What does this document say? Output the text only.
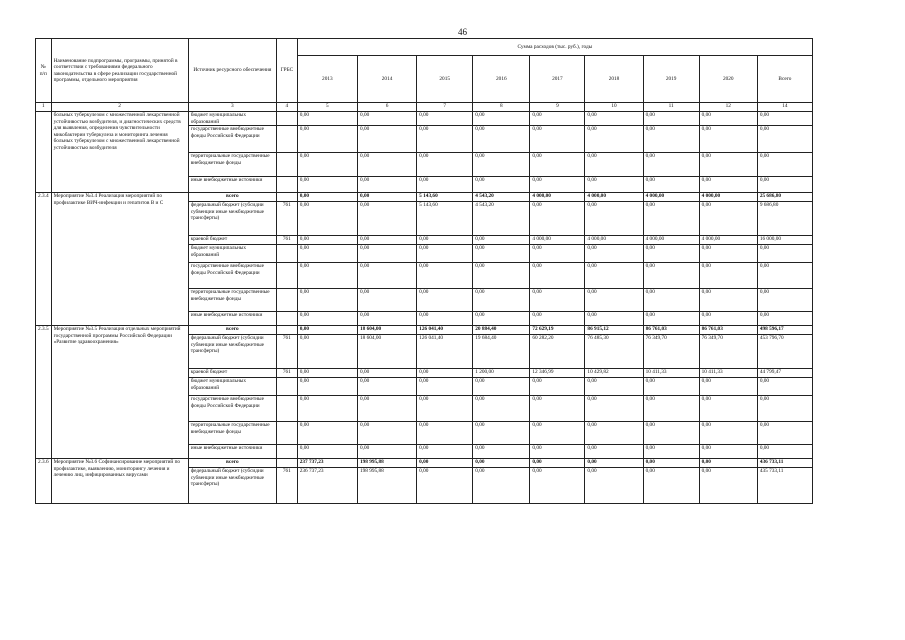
46
№ п/п	Наименование подпрограммы, программы, принятой в соответствии с требованиями федерального законодательства в сфере реализации государственной программы, отдельного мероприятия	Источник ресурсного обеспечения	ГРБС	Сумма расходов (тыс. руб.), годы								
				2013	2014	2015	2016	2017	2018	2019	2020	Всего
1	2	3	4	5	6	7	8	9	10	11	12	14
	больных туберкулезом с множественной лекарственной устойчивостью возбудителя, и диагностических средств для выявления, определения чувствительности микобактерии туберкулеза и мониторинга лечения больных туберкулезом с множественной лекарственной устойчивостью возбудителя	бюджет муниципальных образований		0,00	0,00	0,00	0,00	0,00	0,00	0,00	0,00	0,00
		государственные внебюджетные фонды Российской Федерации		0,00	0,00	0,00	0,00	0,00	0,00	0,00	0,00	0,00
		территориальные государственные внебюджетные фонды		0,00	0,00	0,00	0,00	0,00	0,00	0,00	0,00	0,00
		иные внебюджетные источники		0,00	0,00	0,00	0,00	0,00	0,00	0,00	0,00	0,00
2.3.4	Мероприятие №3.4 Реализация мероприятий по профилактике ВИЧ-инфекции и гепатитов В и С	всего		0,00	0,00	5 143,60	4 543,20	4 000,00	4 000,00	4 000,00	4 000,00	25 686,80
		федеральный бюджет (субсидии субвенции иные межбюджетные трансферты)	761	0,00	0,00	5 143,60	4 543,20	0,00	0,00	0,00	0,00	9 686,80
		краевой бюджет	761	0,00	0,00	0,00	0,00	4 000,00	4 000,00	4 000,00	4 000,00	16 000,00
		бюджет муниципальных образований		0,00	0,00	0,00	0,00	0,00	0,00	0,00	0,00	0,00
		государственные внебюджетные фонды Российской Федерации		0,00	0,00	0,00	0,00	0,00	0,00	0,00	0,00	0,00
		территориальные государственные внебюджетные фонды		0,00	0,00	0,00	0,00	0,00	0,00	0,00	0,00	0,00
		иные внебюджетные источники		0,00	0,00	0,00	0,00	0,00	0,00	0,00	0,00	0,00
2.3.5	Мероприятие №3.5 Реализация отдельных мероприятий государственной программы Российской Федерации «Развитие здравоохранения»	всего		0,00	18 604,00	126 041,40	20 884,40	72 629,19	86 915,12	86 761,03	86 761,03	498 596,17
		федеральный бюджет (субсидии субвенции иные межбюджетные трансферты)	761	0,00	18 604,00	126 041,40	19 684,40	60 282,20	76 485,30	76 349,70	76 349,70	453 796,70
		краевой бюджет	761	0,00	0,00	0,00	1 200,00	12 346,99	10 429,82	10 411,33	10 411,33	44 799,47
		бюджет муниципальных образований		0,00	0,00	0,00	0,00	0,00	0,00	0,00	0,00	0,00
		государственные внебюджетные фонды Российской Федерации		0,00	0,00	0,00	0,00	0,00	0,00	0,00	0,00	0,00
		территориальные государственные внебюджетные фонды		0,00	0,00	0,00	0,00	0,00	0,00	0,00	0,00	0,00
		иные внебюджетные источники		0,00	0,00	0,00	0,00	0,00	0,00	0,00	0,00	0,00
2.3.6	Мероприятие №3.6 Софинансирование мероприятий по профилактике, выявлению, мониторингу лечения и лечению лиц, инфицированных вирусами	всего		237 737,23	198 995,88	0,00	0,00	0,00	0,00	0,00	0,00	436 733,11
		федеральный бюджет (субсидии субвенции иные межбюджетные трансферты)	761	236 737,23	198 995,88	0,00	0,00	0,00	0,00	0,00	0,00	435 733,11
